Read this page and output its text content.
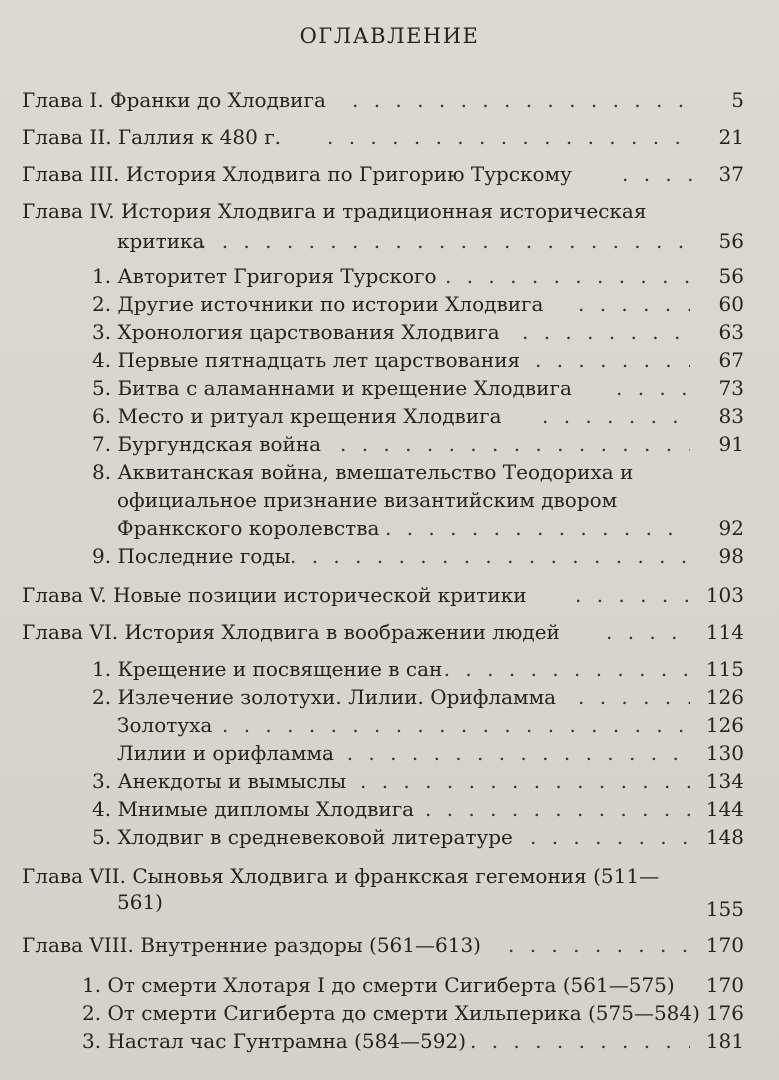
оглавление
Глава I. Франки до Хлодвига . . .	5
Глава II. Галлия к 480 г. . . .	21
Глава III. История Хлодвига по Григорию Турскому . . .	37
Глава IV. История Хлодвига и традиционная историческая
критика . . .	56
1. Авторитет Григория Турского . . .	56
2. Другие источники по истории Хлодвига . . .	60
3. Хронология царствования Хлодвига . . .	63
4. Первые пятнадцать лет царствования . . .	67
5. Битва с аламаннами и крещение Хлодвига . . .	73
6. Место и ритуал крещения Хлодвига . . .	83
7. Бургундская война . . .	91
8. Аквитанская война, вмешательство Теодориха и
официальное признание византийским двором
Франкского королевства . . .	92
9. Последние годы . . .	98
Глава V. Новые позиции исторической критики . . .	103
Глава VI. История Хлодвига в воображении людей . . .	114
1. Крещение и посвящение в сан . . .	115
2. Излечение золотухи. Лилии. Орифламма . . .	126
Золотуха . . .	126
Лилии и орифламма . . .	130
3. Анекдоты и вымыслы . . .	134
4. Мнимые дипломы Хлодвига . . .	144
5. Хлодвиг в средневековой литературе . . .	148
Глава VII. Сыновья Хлодвига и франкская гегемония (511—
561)	155
Глава VIII. Внутренние раздоры (561—613) . . .	170
1. От смерти Хлотаря I до смерти Сигиберта (561—575) 170
2. От смерти Сигиберта до смерти Хильперика (575—584) 176
3. Настал час Гунтрамна (584—592) . . .	181
